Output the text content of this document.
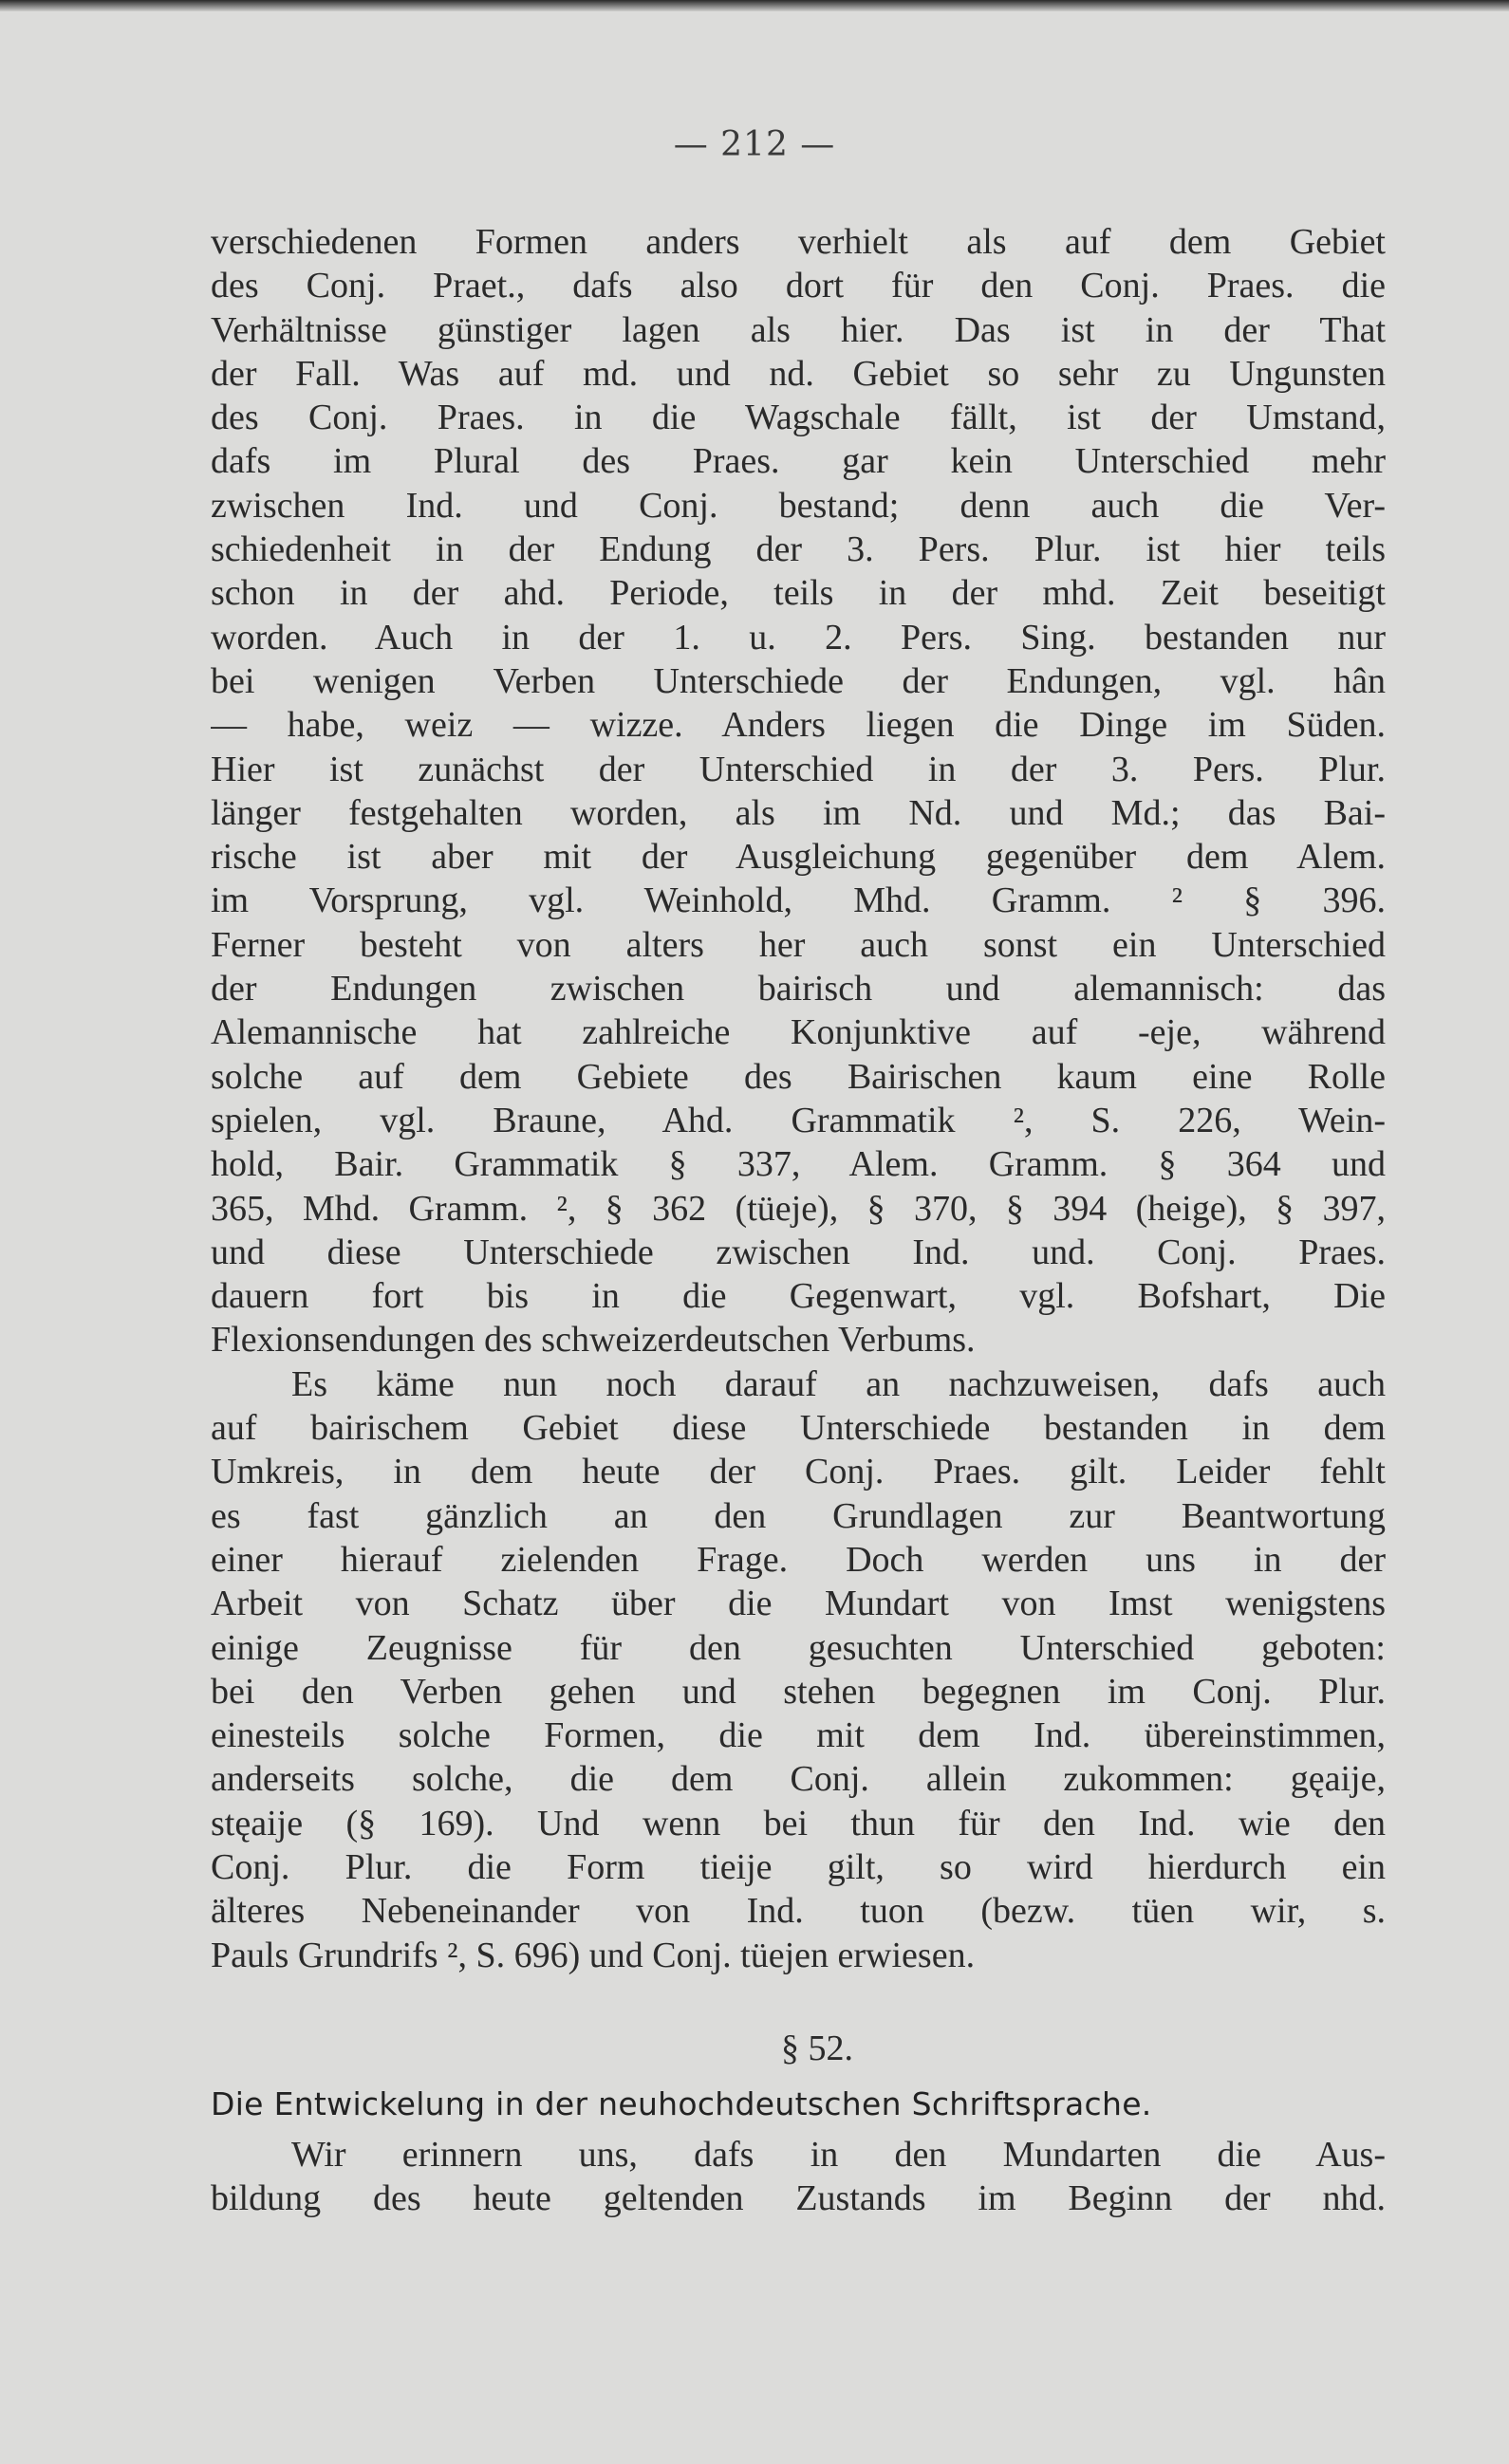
— 212 —
verschiedenen Formen anders verhielt als auf dem Gebiet
des Conj. Praet., dafs also dort für den Conj. Praes. die
Verhältnisse günstiger lagen als hier. Das ist in der That
der Fall. Was auf md. und nd. Gebiet so sehr zu Ungunsten
des Conj. Praes. in die Wagschale fällt, ist der Umstand,
dafs im Plural des Praes. gar kein Unterschied mehr
zwischen Ind. und Conj. bestand; denn auch die Ver-
schiedenheit in der Endung der 3. Pers. Plur. ist hier teils
schon in der ahd. Periode, teils in der mhd. Zeit beseitigt
worden. Auch in der 1. u. 2. Pers. Sing. bestanden nur
bei wenigen Verben Unterschiede der Endungen, vgl. hân
— habe, weiz — wizze. Anders liegen die Dinge im Süden.
Hier ist zunächst der Unterschied in der 3. Pers. Plur.
länger festgehalten worden, als im Nd. und Md.; das Bai-
rische ist aber mit der Ausgleichung gegenüber dem Alem.
im Vorsprung, vgl. Weinhold, Mhd. Gramm. ² § 396.
Ferner besteht von alters her auch sonst ein Unterschied
der Endungen zwischen bairisch und alemannisch: das
Alemannische hat zahlreiche Konjunktive auf -eje, während
solche auf dem Gebiete des Bairischen kaum eine Rolle
spielen, vgl. Braune, Ahd. Grammatik ², S. 226, Wein-
hold, Bair. Grammatik § 337, Alem. Gramm. § 364 und
365, Mhd. Gramm. ², § 362 (tüeje), § 370, § 394 (heige), § 397,
und diese Unterschiede zwischen Ind. und. Conj. Praes.
dauern fort bis in die Gegenwart, vgl. Bofshart, Die
Flexionsendungen des schweizerdeutschen Verbums.
Es käme nun noch darauf an nachzuweisen, dafs auch
auf bairischem Gebiet diese Unterschiede bestanden in dem
Umkreis, in dem heute der Conj. Praes. gilt. Leider fehlt
es fast gänzlich an den Grundlagen zur Beantwortung
einer hierauf zielenden Frage. Doch werden uns in der
Arbeit von Schatz über die Mundart von Imst wenigstens
einige Zeugnisse für den gesuchten Unterschied geboten:
bei den Verben gehen und stehen begegnen im Conj. Plur.
einesteils solche Formen, die mit dem Ind. übereinstimmen,
anderseits solche, die dem Conj. allein zukommen: gęaije,
stęaije (§ 169). Und wenn bei thun für den Ind. wie den
Conj. Plur. die Form tieije gilt, so wird hierdurch ein
älteres Nebeneinander von Ind. tuon (bezw. tüen wir, s.
Pauls Grundrifs ², S. 696) und Conj. tüejen erwiesen.
§ 52.
Die Entwickelung in der neuhochdeutschen Schriftsprache.
Wir erinnern uns, dafs in den Mundarten die Aus-
bildung des heute geltenden Zustands im Beginn der nhd.
